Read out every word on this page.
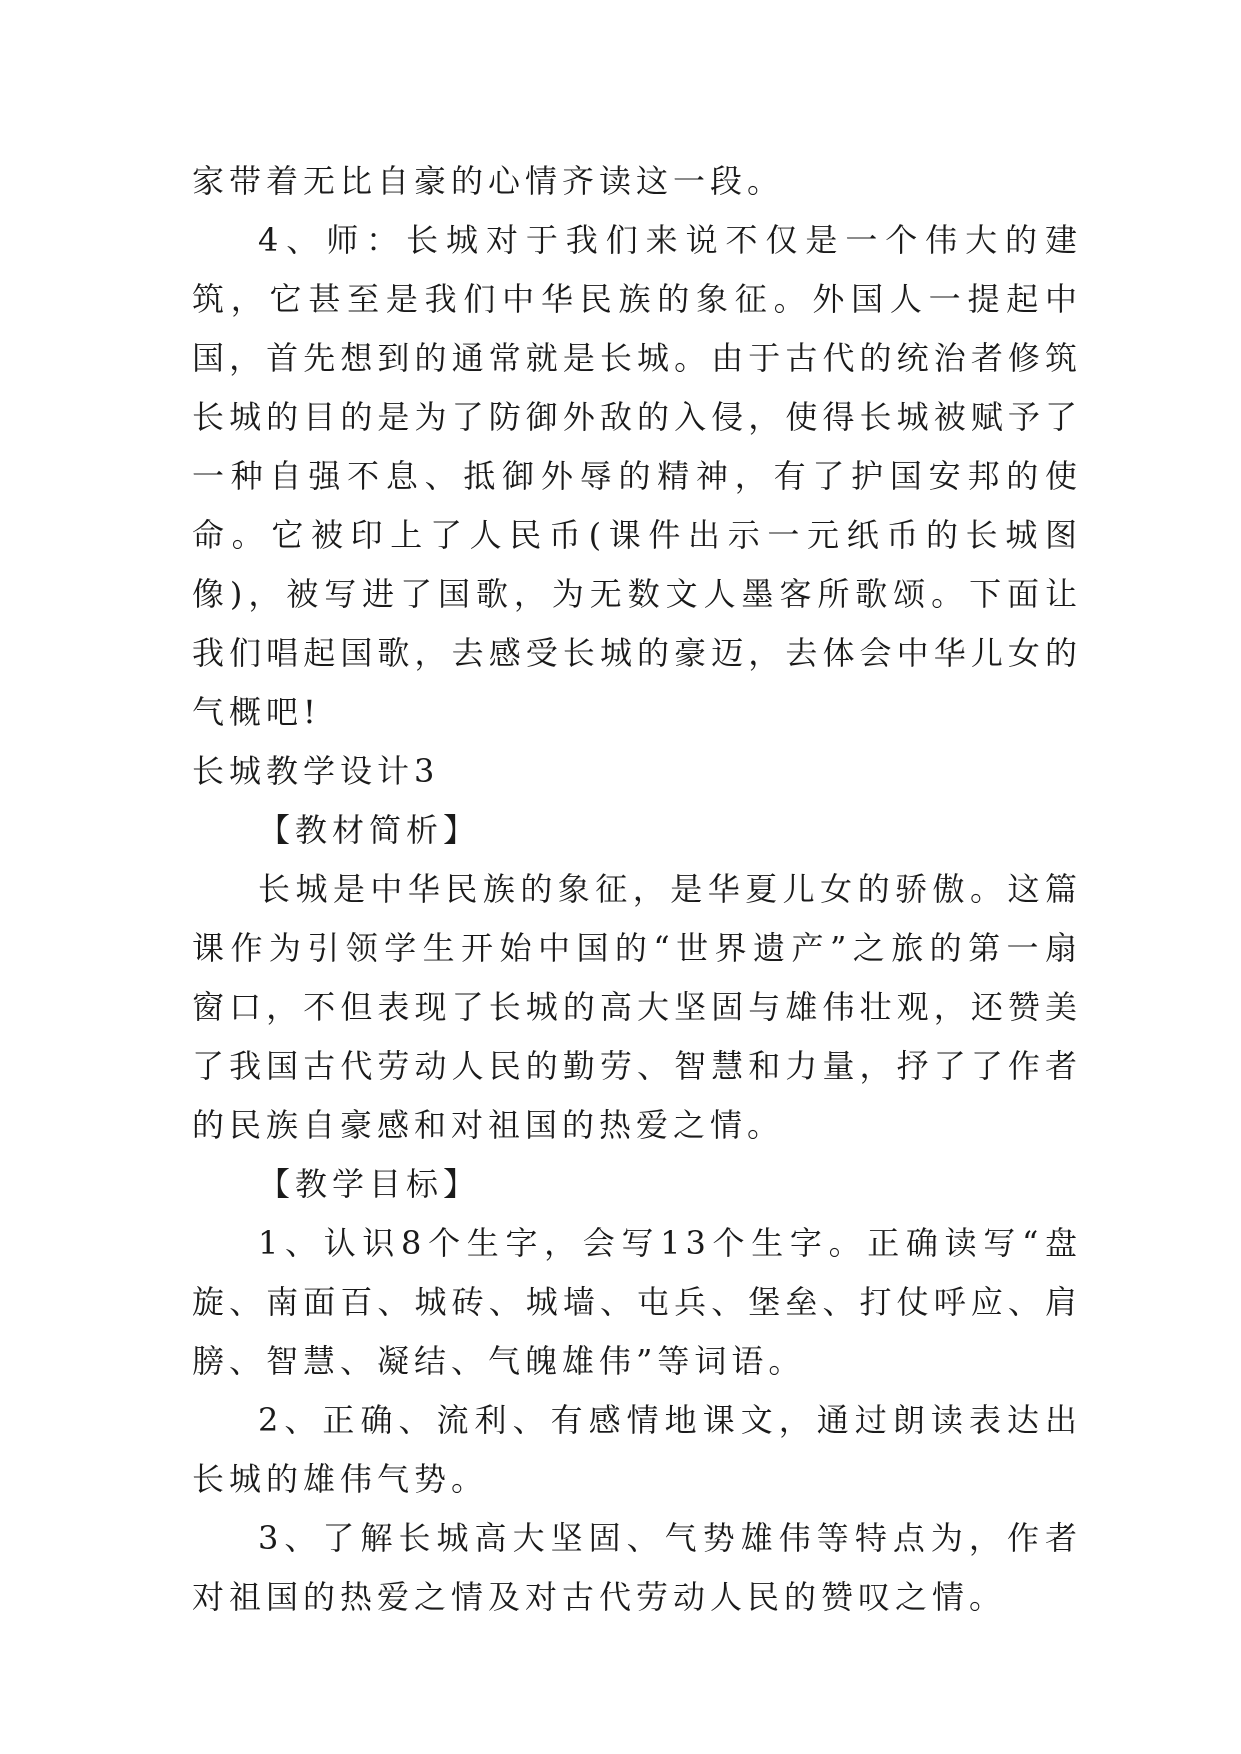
家带着无比自豪的心情齐读这一段。

4、师：长城对于我们来说不仅是一个伟大的建筑，它甚至是我们中华民族的象征。外国人一提起中国，首先想到的通常就是长城。由于古代的统治者修筑长城的目的是为了防御外敌的入侵，使得长城被赋予了一种自强不息、抵御外辱的精神，有了护国安邦的使命。它被印上了人民币(课件出示一元纸币的长城图像)，被写进了国歌，为无数文人墨客所歌颂。下面让我们唱起国歌，去感受长城的豪迈，去体会中华儿女的气概吧!

长城教学设计3

【教材简析】

长城是中华民族的象征，是华夏儿女的骄傲。这篇课作为引领学生开始中国的“世界遗产”之旅的第一扇窗口，不但表现了长城的高大坚固与雄伟壮观，还赞美了我国古代劳动人民的勤劳、智慧和力量，抒了了作者的民族自豪感和对祖国的热爱之情。

【教学目标】

1、认识8个生字，会写13个生字。正确读写“盘旋、南面百、城砖、城墙、屯兵、堡垒、打仗呼应、肩膀、智慧、凝结、气魄雄伟”等词语。

2、正确、流利、有感情地课文，通过朗读表达出长城的雄伟气势。

3、了解长城高大坚固、气势雄伟等特点为，作者对祖国的热爱之情及对古代劳动人民的赞叹之情。
